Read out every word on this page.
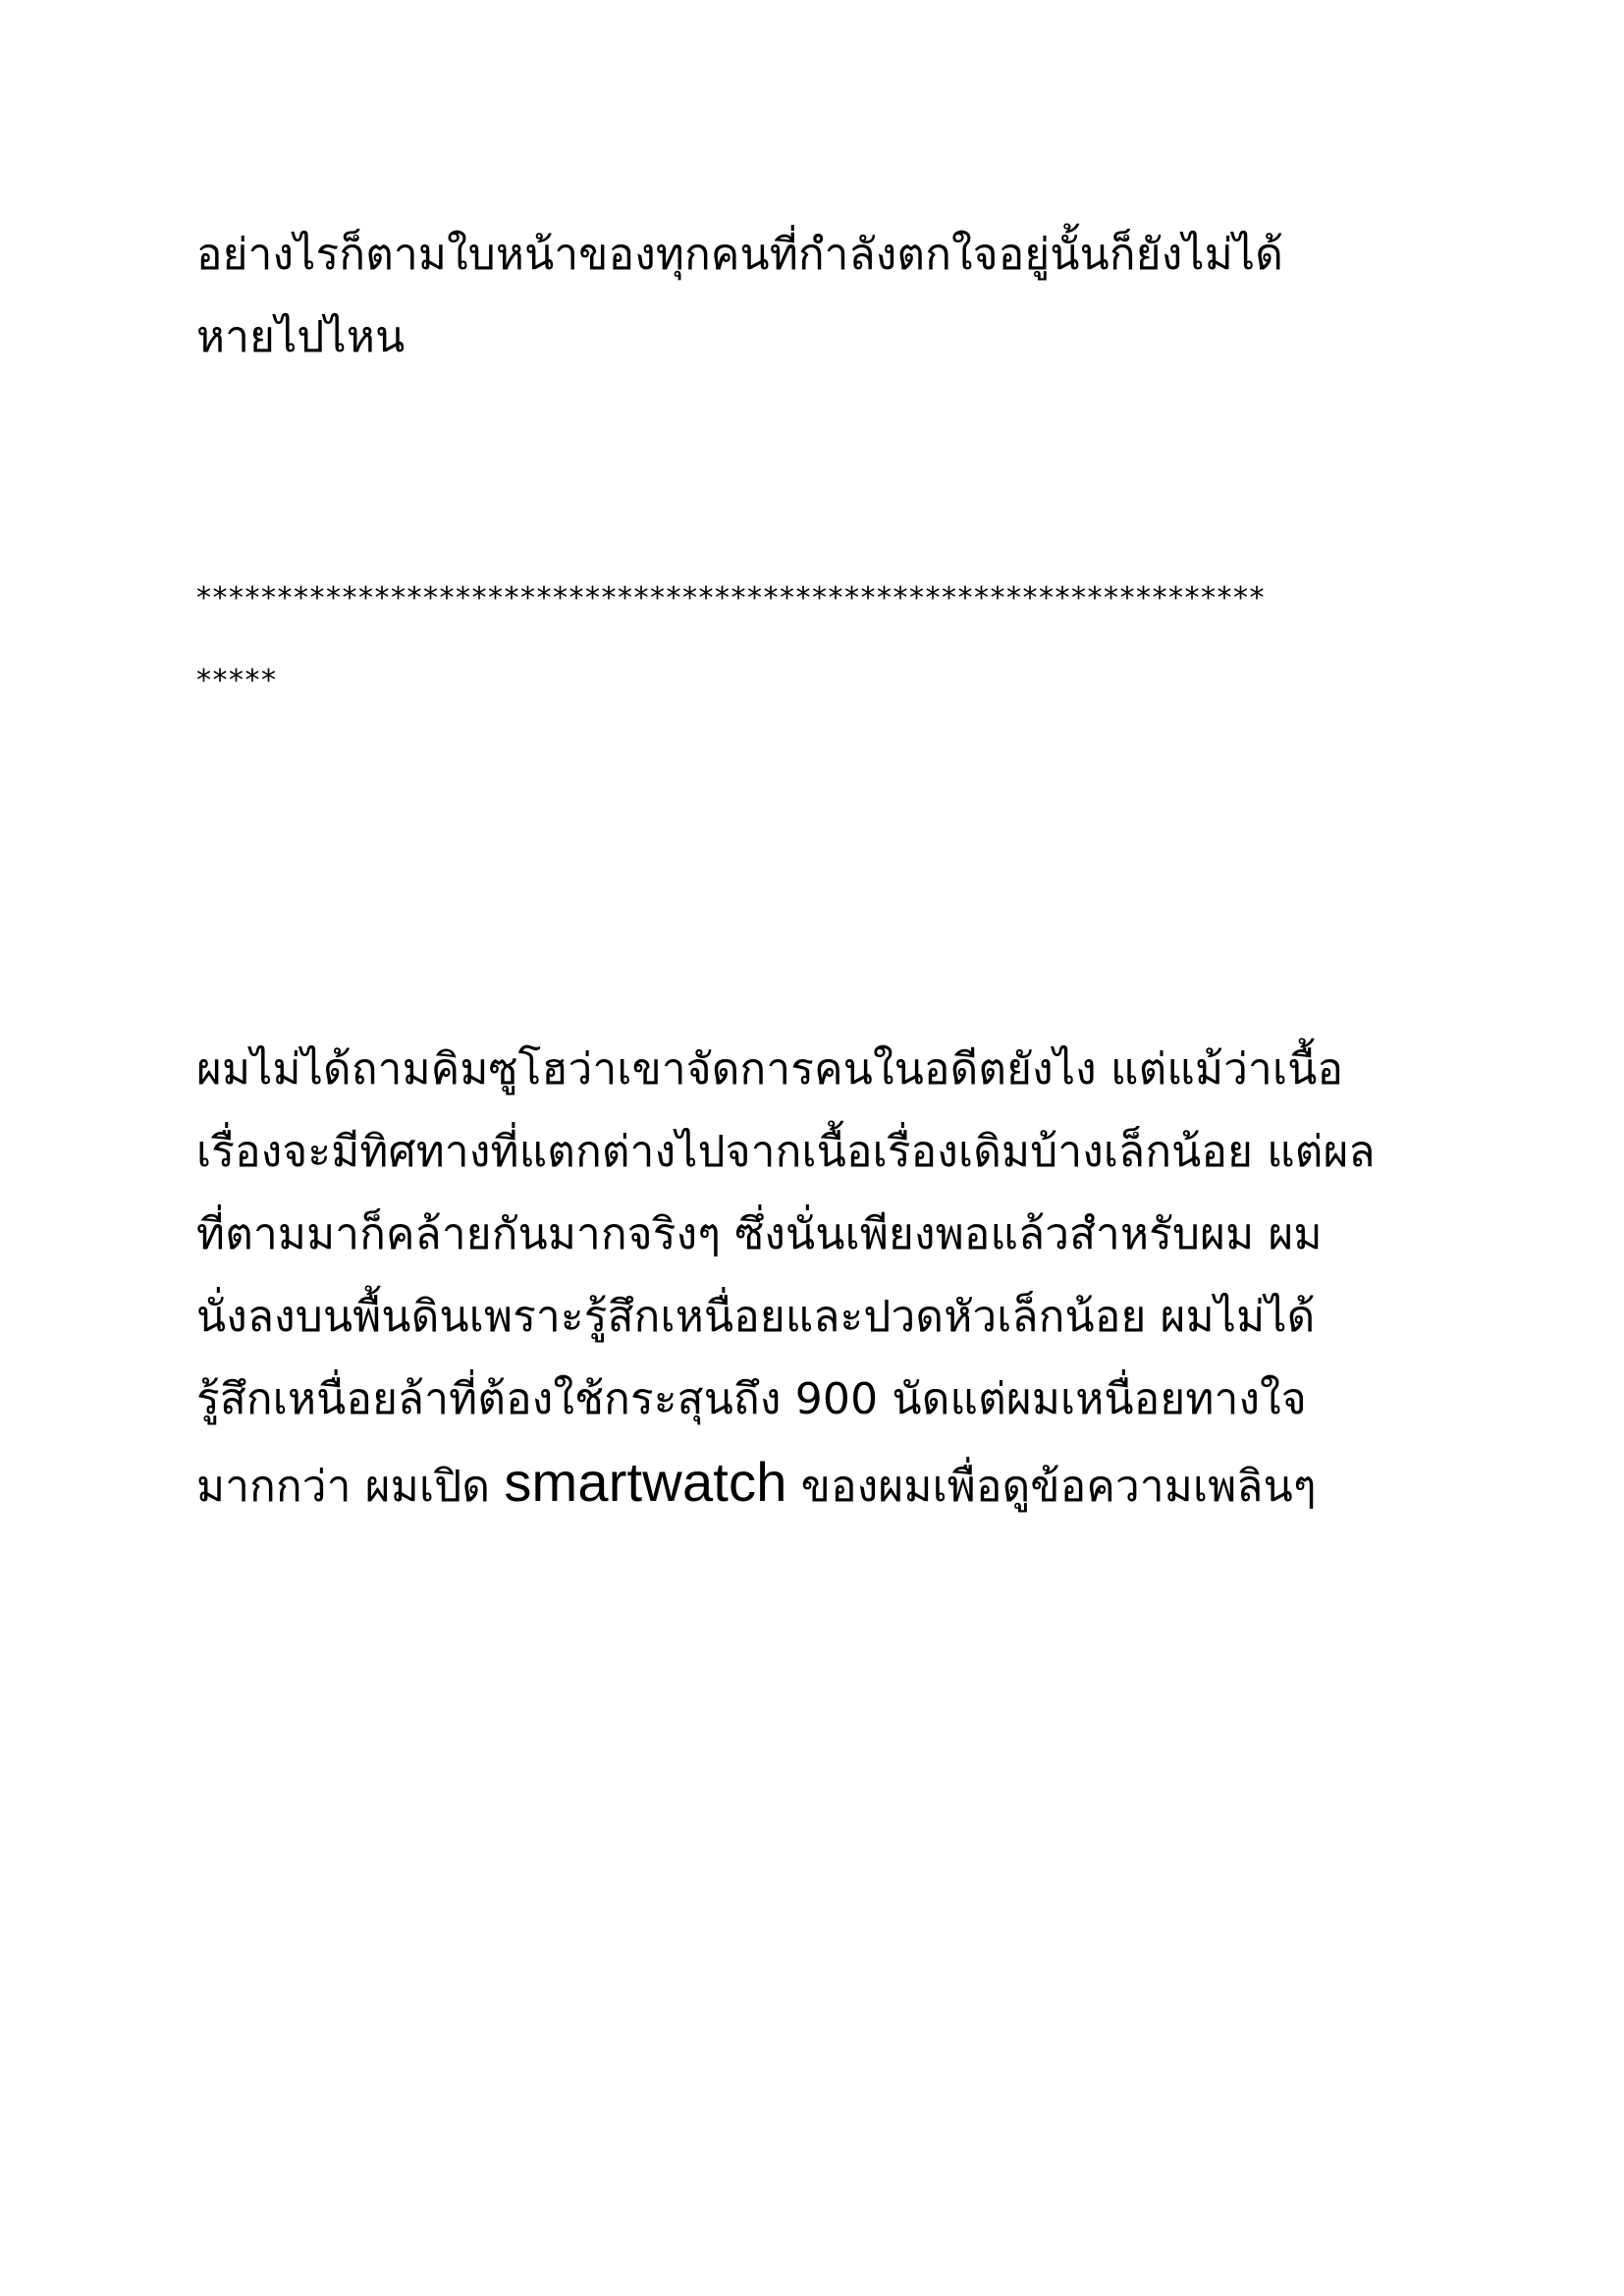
อย่างไรก็ตามใบหน้าของทุกคนที่กำลังตกใจอยู่นั้นก็ยังไม่ได้
หายไปไหน
******************************************************************
*****
ผมไม่ได้ถามคิมซูโฮว่าเขาจัดการคนในอดีตยังไง แต่แม้ว่าเนื้อ
เรื่องจะมีทิศทางที่แตกต่างไปจากเนื้อเรื่องเดิมบ้างเล็กน้อย แต่ผล
ที่ตามมาก็คล้ายกันมากจริงๆ ซึ่งนั่นเพียงพอแล้วสำหรับผม ผม
นั่งลงบนพื้นดินเพราะรู้สึกเหนื่อยและปวดหัวเล็กน้อย ผมไม่ได้
รู้สึกเหนื่อยล้าที่ต้องใช้กระสุนถึง 900 นัดแต่ผมเหนื่อยทางใจ
มากกว่า ผมเปิด smartwatch ของผมเพื่อดูข้อความเพลินๆ
